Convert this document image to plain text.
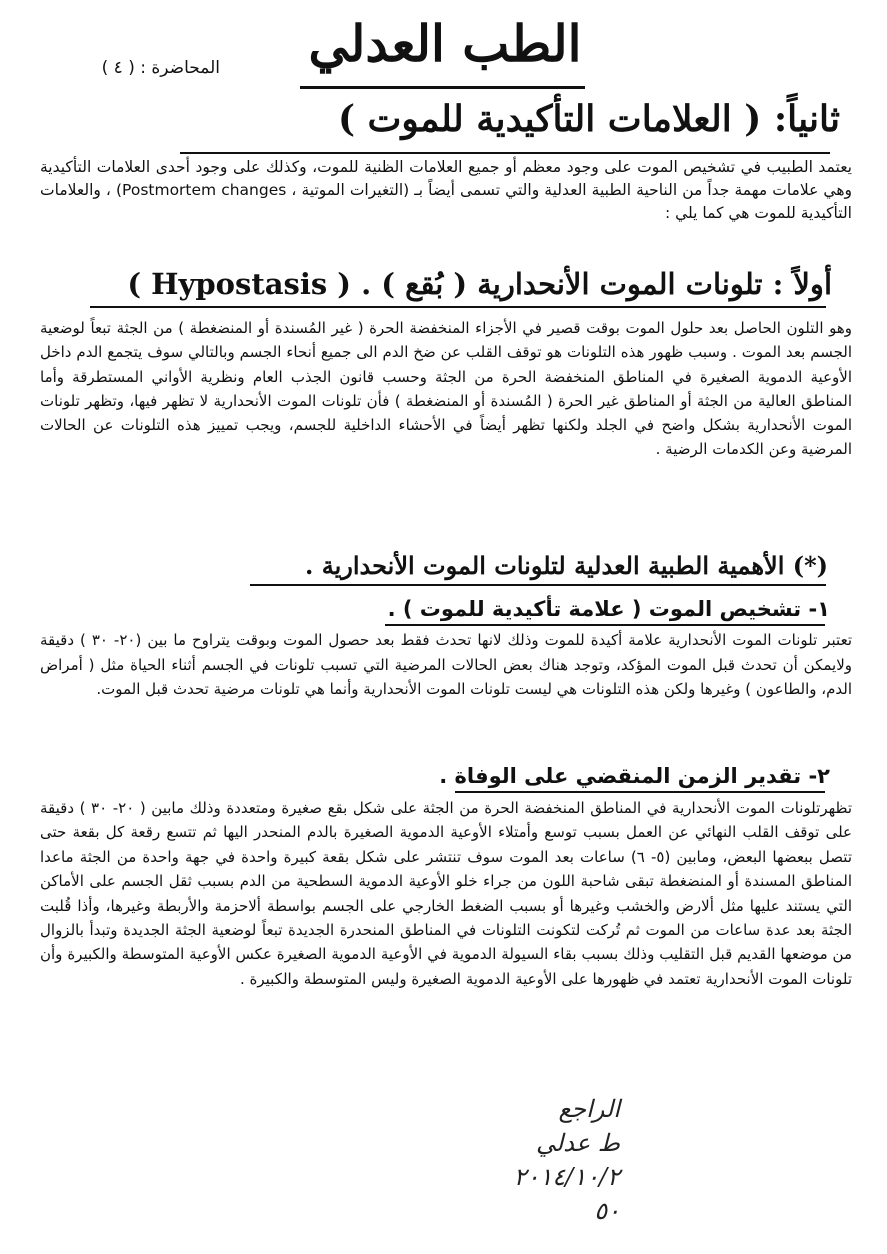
الطب العدلي
المحاضرة : ( ٤ )
ثانياً: ( العلامات التأكيدية للموت )
يعتمد الطبيب في تشخيص الموت على وجود معظم أو جميع العلامات الظنية للموت، وكذلك على وجود أحدى العلامات التأكيدية وهي علامات مهمة جداً من الناحية الطبية العدلية والتي تسمى أيضاً بـ (التغيرات الموتية ، Postmortem changes) ، والعلامات التأكيدية للموت هي كما يلي :
أولاً : تلونات الموت الأنحدارية ( بُقع ) . ( Hypostasis )
وهو التلون الحاصل بعد حلول الموت بوقت قصير في الأجزاء المنخفضة الحرة ( غير المُسندة أو المنضغطة ) من الجثة تبعاً لوضعية الجسم بعد الموت . وسبب ظهور هذه التلونات هو توقف القلب عن ضخ الدم الى جميع أنحاء الجسم وبالتالي سوف يتجمع الدم داخل الأوعية الدموية الصغيرة في المناطق المنخفضة الحرة من الجثة وحسب قانون الجذب العام ونظرية الأواني المستطرقة وأما المناطق العالية من الجثة أو المناطق غير الحرة ( المُسندة أو المنضغطة ) فأن تلونات الموت الأنحدارية لا تظهر فيها، وتظهر تلونات الموت الأنحدارية بشكل واضح في الجلد ولكنها تظهر أيضاً في الأحشاء الداخلية للجسم، ويجب تمييز هذه التلونات عن الحالات المرضية وعن الكدمات الرضية .
(*) الأهمية الطبية العدلية لتلونات الموت الأنحدارية .
١- تشخيص الموت ( علامة تأكيدية للموت ) .
تعتبر تلونات الموت الأنحدارية علامة أكيدة للموت وذلك لانها تحدث فقط بعد حصول الموت وبوقت يتراوح ما بين (٢٠- ٣٠ ) دقيقة ولايمكن أن تحدث قبل الموت المؤكد، وتوجد هناك بعض الحالات المرضية التي تسبب تلونات في الجسم أثناء الحياة مثل ( أمراض الدم، والطاعون ) وغيرها ولكن هذه التلونات هي ليست تلونات الموت الأنحدارية وأنما هي تلونات مرضية تحدث قبل الموت.
٢- تقدير الزمن المنقضي على الوفاة .
تظهرتلونات الموت الأنحدارية في المناطق المنخفضة الحرة من الجثة على شكل بقع صغيرة ومتعددة وذلك مابين ( ٢٠- ٣٠ ) دقيقة على توقف القلب النهائي عن العمل بسبب توسع وأمتلاء الأوعية الدموية الصغيرة بالدم المنحدر اليها ثم تتسع رقعة كل بقعة حتى تتصل ببعضها البعض، ومابين (٥- ٦) ساعات بعد الموت سوف تنتشر على شكل بقعة كبيرة واحدة في جهة واحدة من الجثة ماعدا المناطق المسندة أو المنضغطة تبقى شاحبة اللون من جراء خلو الأوعية الدموية السطحية من الدم بسبب ثقل الجسم على الأماكن التي يستند عليها مثل ألارض والخشب وغيرها أو بسبب الضغط الخارجي على الجسم بواسطة ألاحزمة والأربطة وغيرها، وأذا قُلبت الجثة بعد عدة ساعات من الموت ثم تُركت لتكونت التلونات في المناطق المنحدرة الجديدة تبعاً لوضعية الجثة الجديدة وتبدأ بالزوال من موضعها القديم قبل التقليب وذلك بسبب بقاء السيولة الدموية في الأوعية الدموية الصغيرة عكس الأوعية المتوسطة والكبيرة وأن تلونات الموت الأنحدارية تعتمد في ظهورها على الأوعية الدموية الصغيرة وليس المتوسطة والكبيرة .
الراجع
ط عدلي
٢٠١٤/١٠/٢
٥٠
